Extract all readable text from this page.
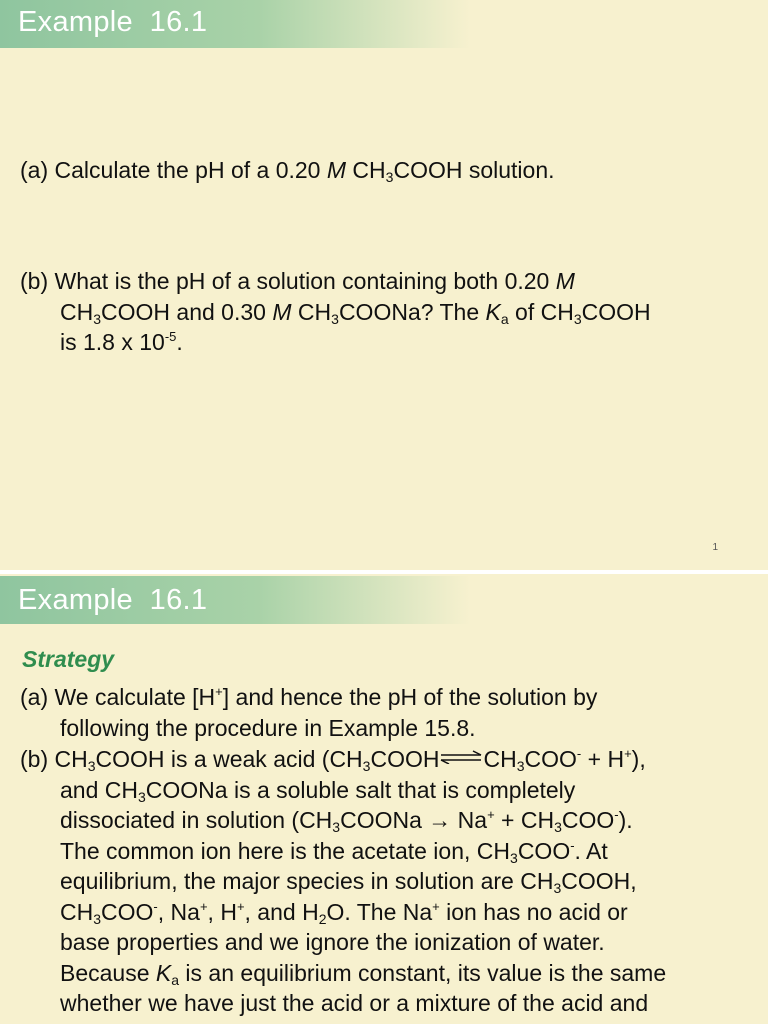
Example  16.1
(a) Calculate the pH of a 0.20 M $CH_3COOH$ solution.
(b) What is the pH of a solution containing both 0.20 M
$CH_3COOH$ and 0.30 M $CH_3COONa$? The $K_a$ of $CH_3COOH$
is 1.8 x $10^{-5}$.
1
Example  16.1
Strategy
(a) We calculate [H+] and hence the pH of the solution by
following the procedure in Example 15.8.
(b) $CH_3COOH$ is a weak acid $(CH_3COOH\rightleftharpoons CH_3COO^- + H^+)$,
and $CH_3COONa$ is a soluble salt that is completely
dissociated in solution $(CH_3COONa \to Na^+ + CH_3COO^-)$.
The common ion here is the acetate ion, $CH_3COO^-$. At
equilibrium, the major species in solution are $CH_3COOH$,
$CH_3COO^-$, Na+, H+, and $H_2O$. The Na+ ion has no acid or
base properties and we ignore the ionization of water.
Because $K_a$ is an equilibrium constant, its value is the same
whether we have just the acid or a mixture of the acid and
